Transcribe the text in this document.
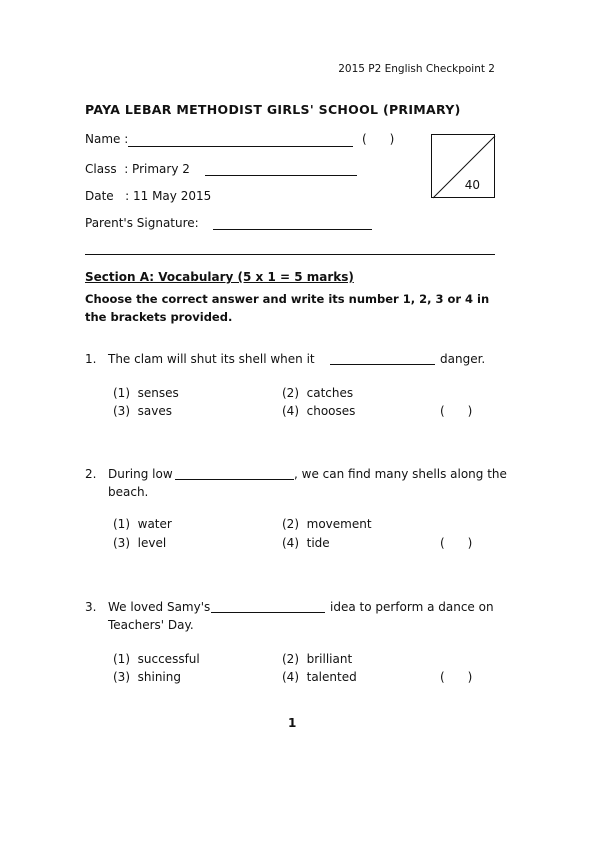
2015 P2 English Checkpoint 2
PAYA LEBAR METHODIST GIRLS' SCHOOL (PRIMARY)
Name :	(      )
Class  : Primary 2
Date   : 11 May 2015
Parent's Signature:
40
Section A: Vocabulary (5 x 1 = 5 marks)
Choose the correct answer and write its number 1, 2, 3 or 4 in the brackets provided.
1. The clam will shut its shell when it	danger.
(1)  senses	(2)  catches
(3)  saves	(4)  chooses	(      )
2. During low	, we can find many shells along the
beach.
(1)  water	(2)  movement
(3)  level	(4)  tide	(      )
3. We loved Samy's	idea to perform a dance on
Teachers' Day.
(1)  successful	(2)  brilliant
(3)  shining	(4)  talented	(      )
1
